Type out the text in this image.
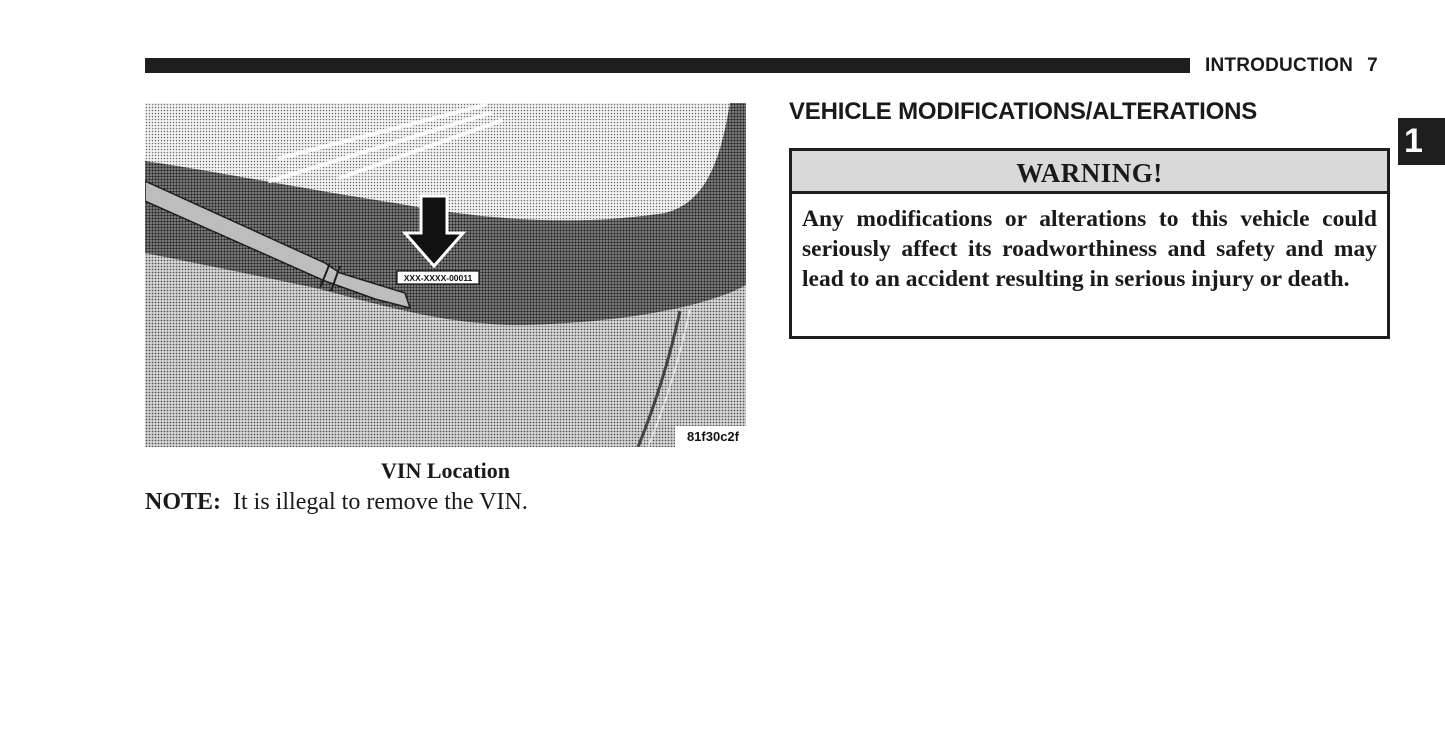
INTRODUCTION 7
1
XXX-XXXX-00011
81f30c2f
VIN Location
NOTE: It is illegal to remove the VIN.
VEHICLE MODIFICATIONS/ALTERATIONS
WARNING!
Any modifications or alterations to this vehicle could seriously affect its roadworthiness and safety and may lead to an accident resulting in serious injury or death.
